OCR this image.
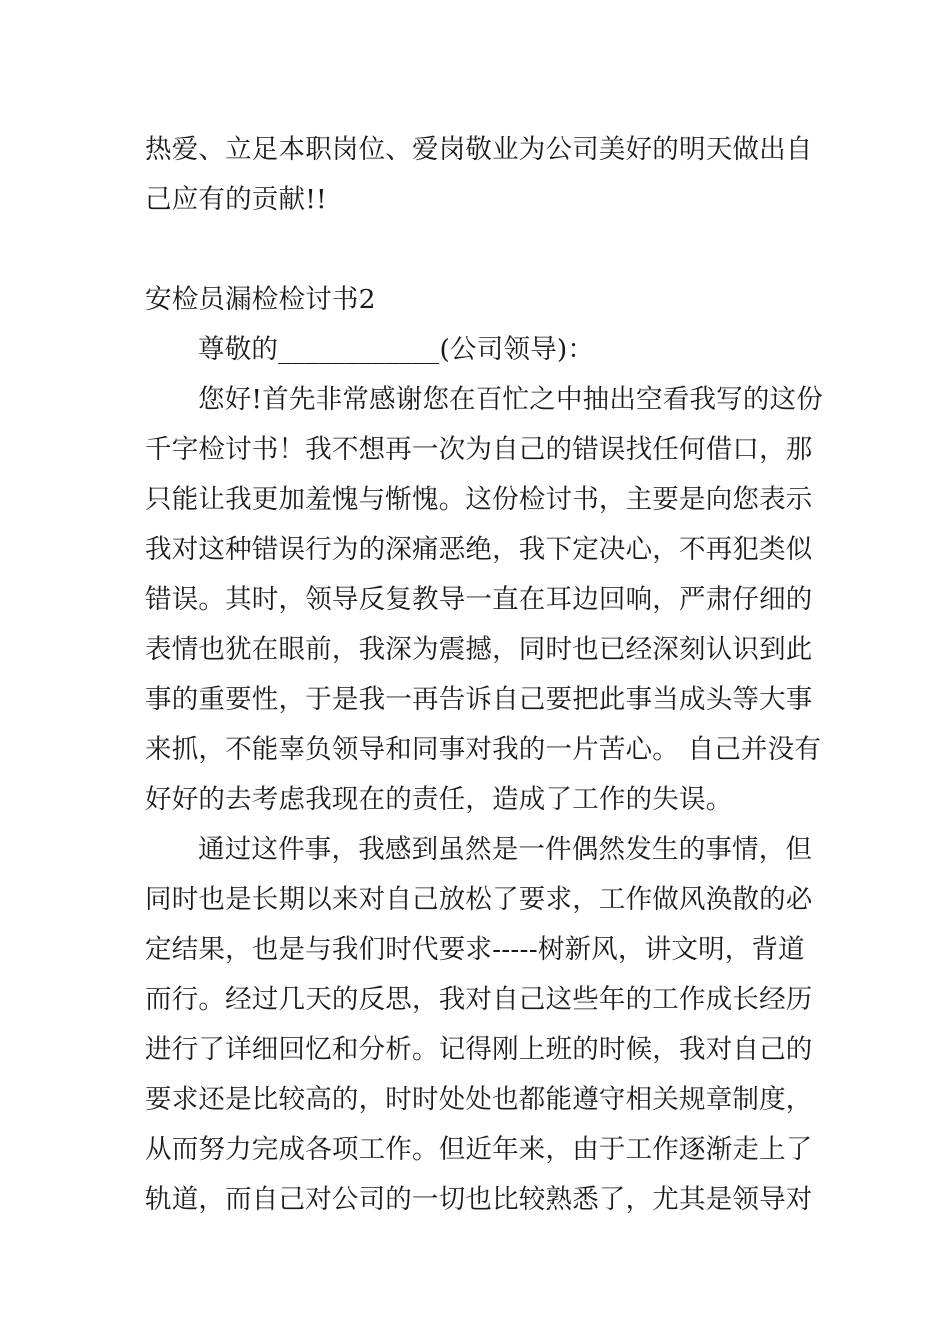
热爱、立足本职岗位、爱岗敬业为公司美好的明天做出自

己应有的贡献!!

安检员漏检检讨书2

尊敬的____________(公司领导)：

您好!首先非常感谢您在百忙之中抽出空看我写的这份

千字检讨书！我不想再一次为自己的错误找任何借口，那

只能让我更加羞愧与惭愧。这份检讨书，主要是向您表示

我对这种错误行为的深痛恶绝，我下定决心，不再犯类似

错误。其时，领导反复教导一直在耳边回响，严肃仔细的

表情也犹在眼前，我深为震撼，同时也已经深刻认识到此

事的重要性，于是我一再告诉自己要把此事当成头等大事

来抓，不能辜负领导和同事对我的一片苦心。 自己并没有

好好的去考虑我现在的责任，造成了工作的失误。

通过这件事，我感到虽然是一件偶然发生的事情，但

同时也是长期以来对自己放松了要求，工作做风涣散的必

定结果，也是与我们时代要求-----树新风，讲文明，背道

而行。经过几天的反思，我对自己这些年的工作成长经历

进行了详细回忆和分析。记得刚上班的时候，我对自己的

要求还是比较高的，时时处处也都能遵守相关规章制度，

从而努力完成各项工作。但近年来，由于工作逐渐走上了

轨道，而自己对公司的一切也比较熟悉了，尤其是领导对
